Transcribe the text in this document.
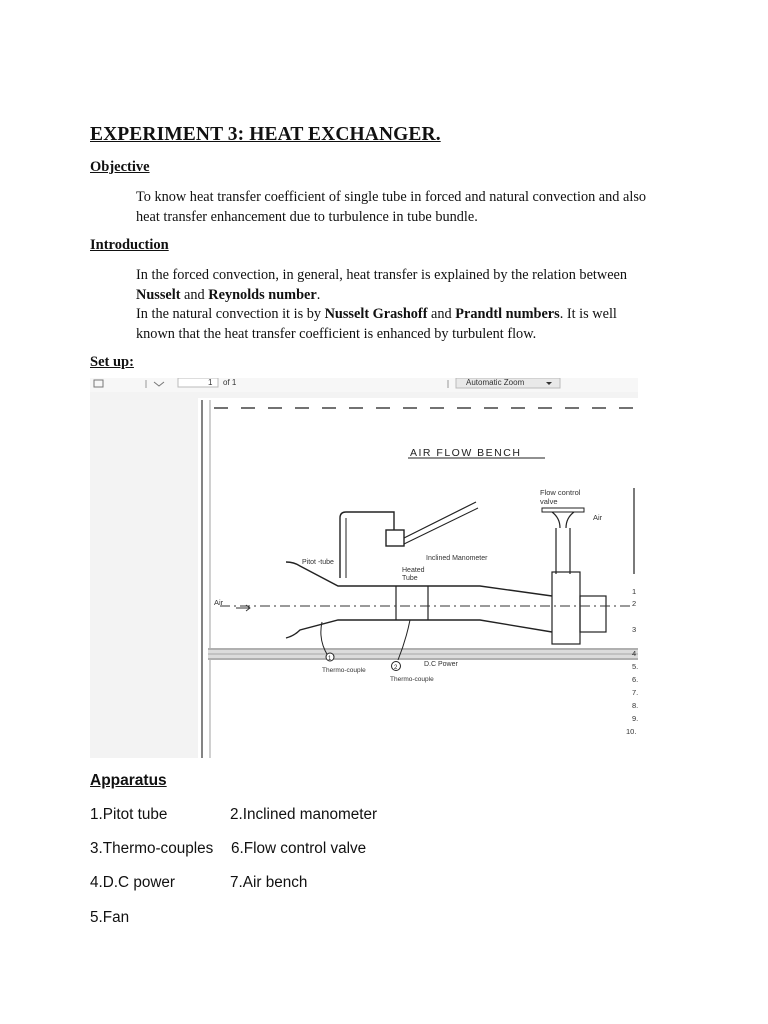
EXPERIMENT 3: HEAT EXCHANGER.
Objective

To know heat transfer coefficient of single tube in forced and natural convection and also
heat transfer enhancement due to turbulence in tube bundle.

Introduction

In the forced convection, in general, heat transfer is explained by the relation between
Nusselt and Reynolds number.
In the natural convection it is by Nusselt Grashoff and Prandtl numbers. It is well
known that the heat transfer coefficient is enhanced by turbulent flow.

Set up:
1 of 1	Automatic Zoom
AIR FLOW BENCH
Flow control
valve
Air
Inclined Manometer
Pitot -tube
Heated
Tube
Air
1
2	D.C Power
Thermo-couple
Thermo-couple
1
2
3
4
5.
6.
7.
8.
9.
10.
Apparatus

1.Pitot tube	2.Inclined manometer

3.Thermo-couples 6.Flow control valve

4.D.C power	7.Air bench

5.Fan
